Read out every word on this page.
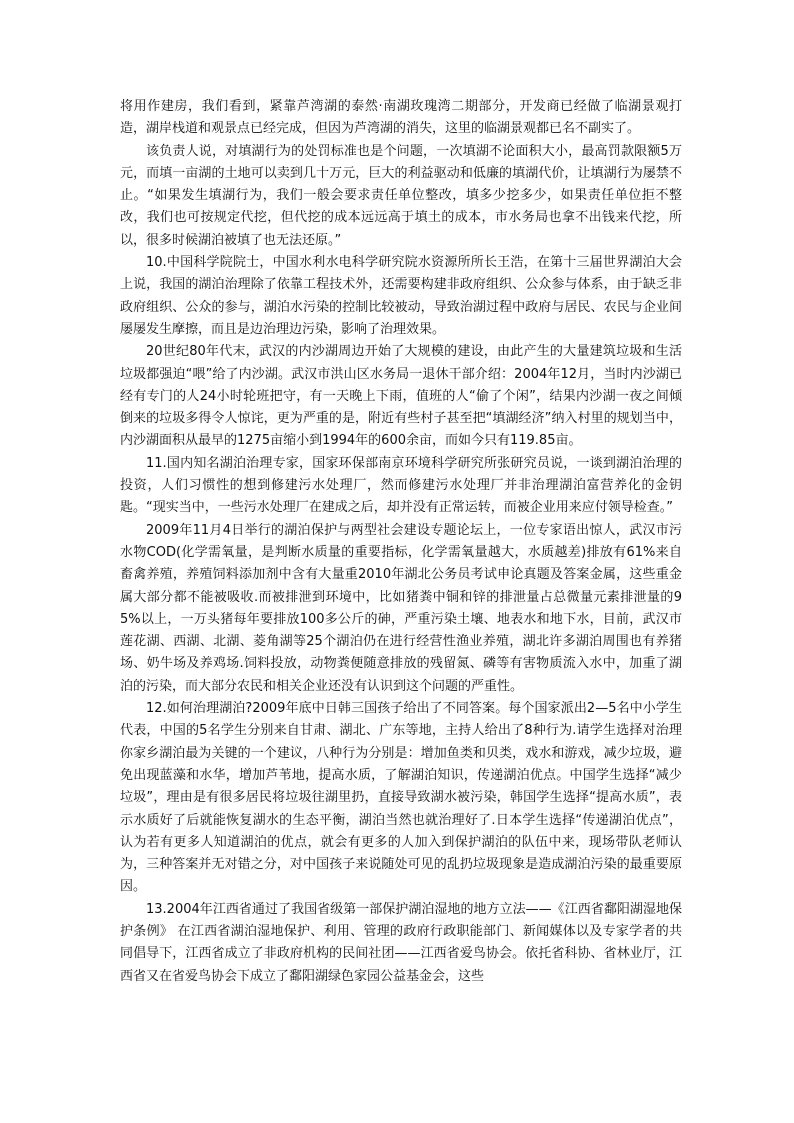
将用作建房，我们看到，紧靠芦湾湖的泰然·南湖玫瑰湾二期部分，开发商已经做了临湖景观打造，湖岸栈道和观景点已经完成，但因为芦湾湖的消失，这里的临湖景观都已名不副实了。

该负责人说，对填湖行为的处罚标准也是个问题，一次填湖不论面积大小，最高罚款限额5万元，而填一亩湖的土地可以卖到几十万元，巨大的利益驱动和低廉的填湖代价，让填湖行为屡禁不止。“如果发生填湖行为，我们一般会要求责任单位整改，填多少挖多少，如果责任单位拒不整改，我们也可按规定代挖，但代挖的成本远远高于填土的成本，市水务局也拿不出钱来代挖，所以，很多时候湖泊被填了也无法还原。”

10.中国科学院院士，中国水利水电科学研究院水资源所所长王浩，在第十三届世界湖泊大会上说，我国的湖泊治理除了依靠工程技术外，还需要构建非政府组织、公众参与体系，由于缺乏非政府组织、公众的参与，湖泊水污染的控制比较被动，导致治湖过程中政府与居民、农民与企业间屡屡发生摩擦，而且是边治理边污染，影响了治理效果。

20世纪80年代末，武汉的内沙湖周边开始了大规模的建设，由此产生的大量建筑垃圾和生活垃圾都强迫“喂”给了内沙湖。武汉市洪山区水务局一退休干部介绍：2004年12月，当时内沙湖已经有专门的人24小时轮班把守，有一天晚上下雨，值班的人“偷了个闲”，结果内沙湖一夜之间倾倒来的垃圾多得令人惊诧，更为严重的是，附近有些村子甚至把“填湖经济”纳入村里的规划当中，内沙湖面积从最早的1275亩缩小到1994年的600余亩，而如今只有119.85亩。

11.国内知名湖泊治理专家，国家环保部南京环境科学研究所张研究员说，一谈到湖泊治理的投资，人们习惯性的想到修建污水处理厂，然而修建污水处理厂并非治理湖泊富营养化的金钥匙。“现实当中，一些污水处理厂在建成之后，却并没有正常运转，而被企业用来应付领导检查。”

2009年11月4日举行的湖泊保护与两型社会建设专题论坛上，一位专家语出惊人，武汉市污水物COD(化学需氧量，是判断水质量的重要指标，化学需氧量越大，水质越差)排放有61%来自畜禽养殖，养殖饲料添加剂中含有大量重2010年湖北公务员考试申论真题及答案金属，这些重金属大部分都不能被吸收.而被排泄到环境中，比如猪粪中铜和锌的排泄量占总微量元素排泄量的95%以上，一万头猪每年要排放100多公斤的砷，严重污染土壤、地表水和地下水，目前，武汉市莲花湖、西湖、北湖、菱角湖等25个湖泊仍在进行经营性渔业养殖，湖北许多湖泊周围也有养猪场、奶牛场及养鸡场.饲料投放，动物粪便随意排放的残留氮、磷等有害物质流入水中，加重了湖泊的污染，而大部分农民和相关企业还没有认识到这个问题的严重性。

12.如何治理湖泊?2009年底中日韩三国孩子给出了不同答案。每个国家派出2—5名中小学生代表，中国的5名学生分别来自甘肃、湖北、广东等地，主持人给出了8种行为.请学生选择对治理你家乡湖泊最为关键的一个建议，八种行为分别是：增加鱼类和贝类，戏水和游戏，减少垃圾，避免出现蓝藻和水华，增加芦苇地，提高水质，了解湖泊知识，传递湖泊优点。中国学生选择“减少垃圾”，理由是有很多居民将垃圾往湖里扔，直接导致湖水被污染，韩国学生选择“提高水质”，表示水质好了后就能恢复湖水的生态平衡，湖泊当然也就治理好了.日本学生选择“传递湖泊优点”，认为若有更多人知道湖泊的优点，就会有更多的人加入到保护湖泊的队伍中来，现场带队老师认为，三种答案并无对错之分，对中国孩子来说随处可见的乱扔垃圾现象是造成湖泊污染的最重要原因。

13.2004年江西省通过了我国省级第一部保护湖泊湿地的地方立法——《江西省鄱阳湖湿地保护条例》 在江西省湖泊湿地保护、利用、管理的政府行政职能部门、新闻媒体以及专家学者的共同倡导下，江西省成立了非政府机构的民间社团——江西省爱鸟协会。依托省科协、省林业厅，江西省又在省爱鸟协会下成立了鄱阳湖绿色家园公益基金会，这些
